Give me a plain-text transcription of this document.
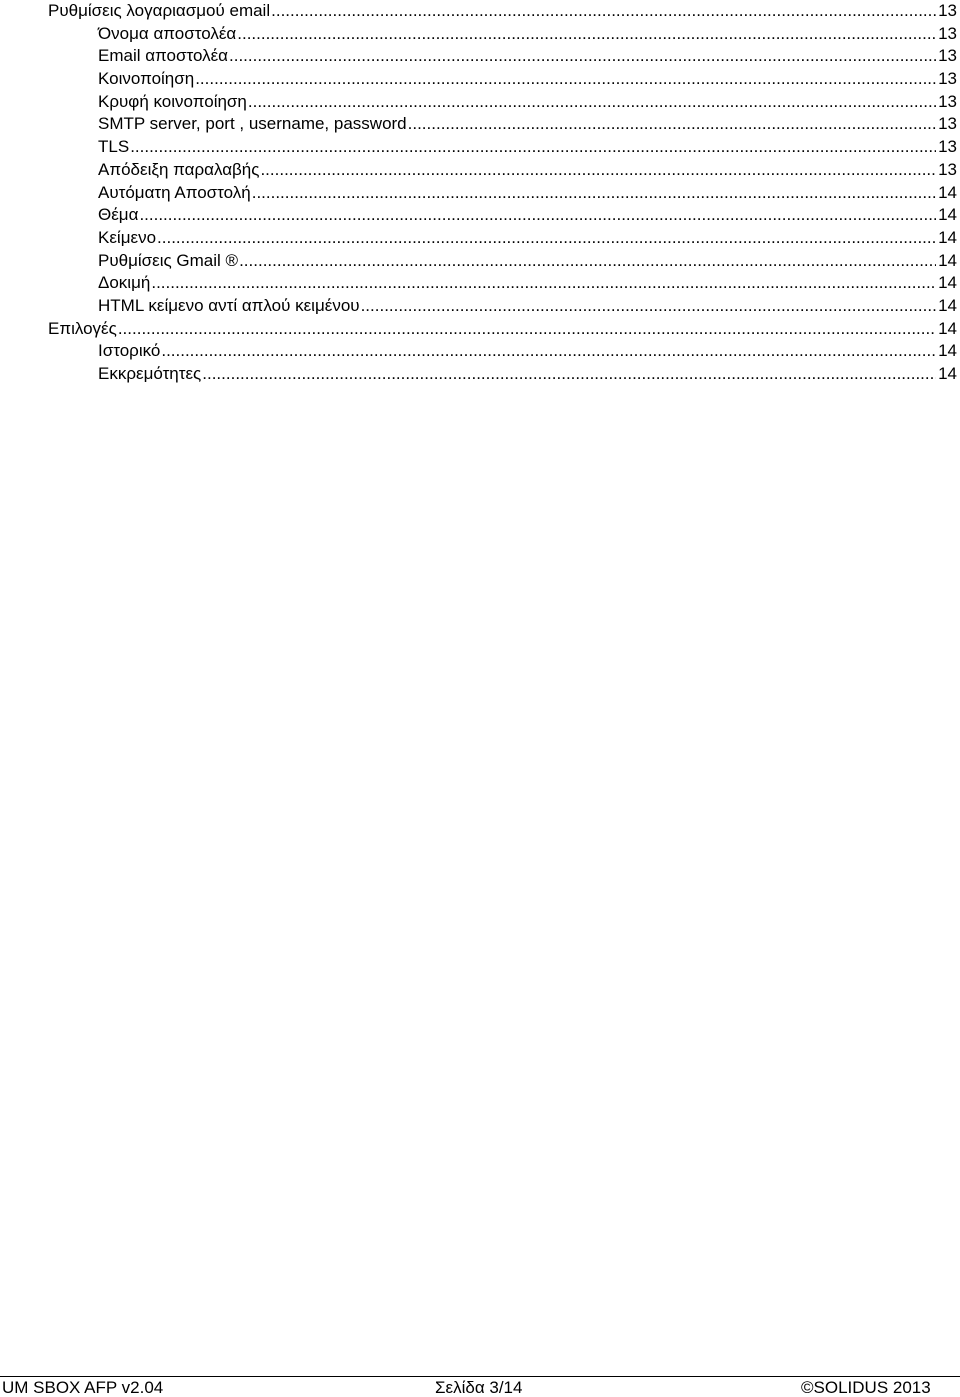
Ρυθμίσεις λογαριασμού email .....	13
Όνομα αποστολέα .....	13
Email αποστολέα .....	13
Κοινοποίηση .....	13
Κρυφή κοινοποίηση .....	13
SMTP server, port , username, password .....	13
TLS .....	13
Απόδειξη παραλαβής .....	13
Αυτόματη Αποστολή .....	14
Θέμα .....	14
Κείμενο .....	14
Ρυθμίσεις Gmail ® .....	14
Δοκιμή .....	14
HTML κείμενο αντί απλού κειμένου .....	14
Επιλογές .....	14
Ιστορικό .....	14
Εκκρεμότητες .....	14
UM SBOX AFP v2.04	Σελίδα 3/14	©SOLIDUS 2013
